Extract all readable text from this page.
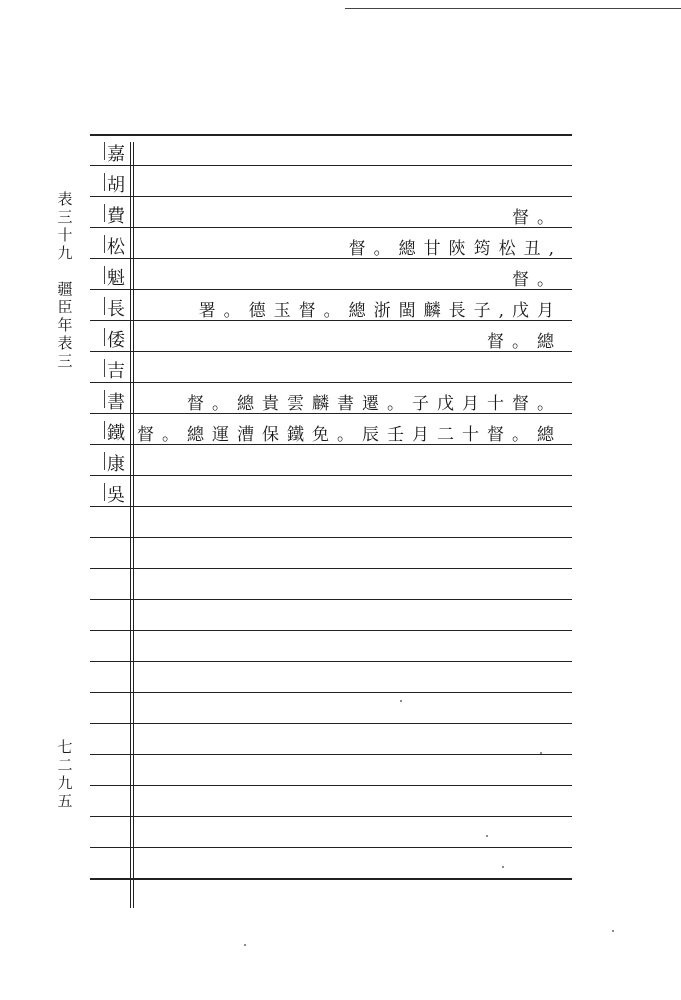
表
三
十
九

疆
臣
年
表
三
七
二
九
五
嘉
胡
費	督。
松	督。總甘陝筠松丑,
魁	督。
長	署。德玉督。總浙閩麟長子,戊月
倭	督。總
吉
書	督。總貴雲麟書遷。子戊月十督。
鐵 督。總運漕保鐵免。辰壬月二十督。總
康
吳
